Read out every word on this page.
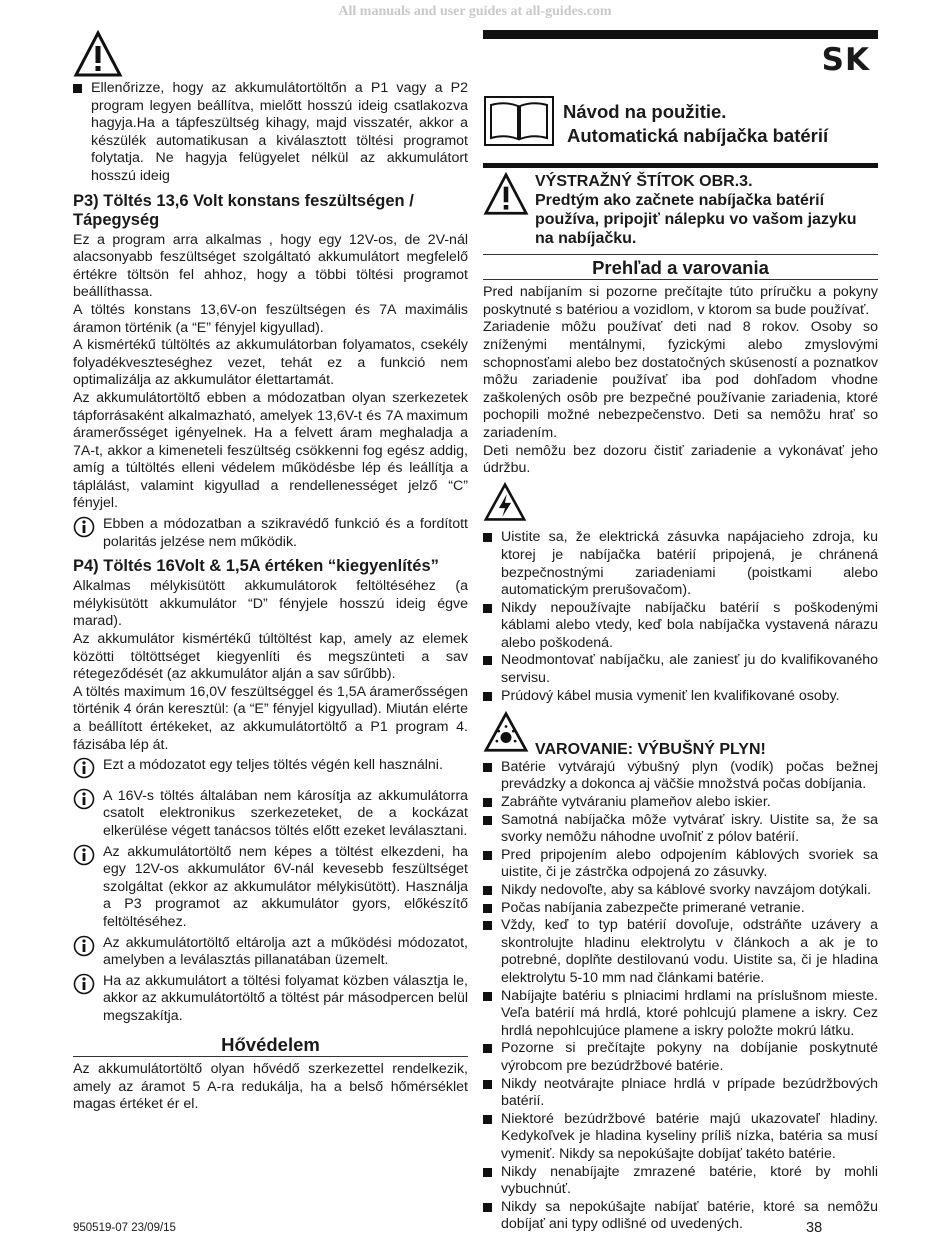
All manuals and user guides at all-guides.com

Ellenőrizze, hogy az akkumulátortöltőn a P1 vagy a P2 program legyen beállítva, mielőtt hosszú ideig csatlakozva hagyja.Ha a tápfeszültség kihagy, majd visszatér, akkor a készülék automatikusan a kiválasztott töltési programot folytatja. Ne hagyja felügyelet nélkül az akkumulátort hosszú ideig

P3) Töltés 13,6 Volt konstans feszültségen / Tápegység

Ez a program arra alkalmas , hogy egy 12V-os, de 2V-nál alacsonyabb feszültséget szolgáltató akkumulátort megfelelő értékre töltsön fel ahhoz, hogy a többi töltési programot beállíthassa.

A töltés konstans 13,6V-on feszültségen és 7A maximális áramon történik (a “E” fényjel kigyullad).

A kismértékű túltöltés az akkumulátorban folyamatos, csekély folyadékveszteséghez vezet, tehát ez a funkció nem optimalizálja az akkumulátor élettartamát.

Az akkumulátortöltő ebben a módozatban olyan szerkezetek tápforrásaként alkalmazható, amelyek 13,6V-t és 7A maximum áramerősséget igényelnek. Ha a felvett áram meghaladja a 7A-t, akkor a kimeneteli feszültség csökkenni fog egész addig, amíg a túltöltés elleni védelem működésbe lép és leállítja a táplálást, valamint kigyullad a rendellenességet jelző “C” fényjel.

Ebben a módozatban a szikravédő funkció és a fordított polaritás jelzése nem működik.

P4) Töltés 16Volt & 1,5A értéken “kiegyenlítés”

Alkalmas mélykisütött akkumulátorok feltöltéséhez (a mélykisütött akkumulátor “D” fényjele hosszú ideig égve marad).

Az akkumulátor kismértékű túltöltést kap, amely az elemek közötti töltöttséget kiegyenlíti és megszünteti a sav rétegeződését (az akkumulátor alján a sav sűrűbb).

A töltés maximum 16,0V feszültséggel és 1,5A áramerősségen történik 4 órán keresztül: (a “E” fényjel kigyullad). Miután elérte a beállított értékeket, az akkumulátortöltő a P1 program 4. fázisába lép át.

Ezt a módozatot egy teljes töltés végén kell használni.

A 16V-s töltés általában nem károsítja az akkumulátorra csatolt elektronikus szerkezeteket, de a kockázat elkerülése végett tanácsos töltés előtt ezeket leválasztani.

Az akkumulátortöltő nem képes a töltést elkezdeni, ha egy 12V-os akkumulátor 6V-nál kevesebb feszültséget szolgáltat (ekkor az akkumulátor mélykisütött). Használja a P3 programot az akkumulátor gyors, előkészítő feltöltéséhez.

Az akkumulátortöltő eltárolja azt a működési módozatot, amelyben a leválasztás pillanatában üzemelt.

Ha az akkumulátort a töltési folyamat közben választja le, akkor az akkumulátortöltő a töltést pár másodpercen belül megszakítja.

Hővédelem

Az akkumulátortöltő olyan hővédő szerkezettel rendelkezik, amely az áramot 5 A-ra redukálja, ha a belső hőmérséklet magas értéket ér el.

SK
Návod na použitie.
Automatická nabíjačka batérií
VÝSTRAŽNÝ ŠTÍTOK OBR.3.
Predtým ako začnete nabíjačka batérií používa, pripojiť nálepku vo vašom jazyku na nabíjačku.
Prehľad a varovania

Pred nabíjaním si pozorne prečítajte túto príručku a pokyny poskytnuté s batériou a vozidlom, v ktorom sa bude používať.

Zariadenie môžu používať deti nad 8 rokov. Osoby so zníženými mentálnymi, fyzickými alebo zmyslovými schopnosťami alebo bez dostatočných skúseností a poznatkov môžu zariadenie používať iba pod dohľadom vhodne zaškolených osôb pre bezpečné používanie zariadenia, ktoré pochopili možné nebezpečenstvo. Deti sa nemôžu hrať so zariadením.

Deti nemôžu bez dozoru čistiť zariadenie a vykonávať jeho údržbu.

Uistite sa, že elektrická zásuvka napájacieho zdroja, ku ktorej je nabíjačka batérií pripojená, je chránená bezpečnostnými zariadeniami (poistkami alebo automatickým prerušovačom).

Nikdy nepoužívajte nabíjačku batérií s poškodenými káblami alebo vtedy, keď bola nabíjačka vystavená nárazu alebo poškodená.

Neodmontovať nabíjačku, ale zaniesť ju do kvalifikovaného servisu.

Prúdový kábel musia vymeniť len kvalifikované osoby.

VAROVANIE: VÝBUŠNÝ PLYN!

Batérie vytvárajú výbušný plyn (vodík) počas bežnej prevádzky a dokonca aj väčšie množstvá počas dobíjania.

Zabráňte vytváraniu plameňov alebo iskier.

Samotná nabíjačka môže vytvárať iskry. Uistite sa, že sa svorky nemôžu náhodne uvoľniť z pólov batérií.

Pred pripojením alebo odpojením káblových svoriek sa uistite, či je zástrčka odpojená zo zásuvky.

Nikdy nedovoľte, aby sa káblové svorky navzájom dotýkali.

Počas nabíjania zabezpečte primerané vetranie.

Vždy, keď to typ batérií dovoľuje, odstráňte uzávery a skontrolujte hladinu elektrolytu v článkoch a ak je to potrebné, doplňte destilovanú vodu. Uistite sa, či je hladina elektrolytu 5-10 mm nad článkami batérie.

Nabíjajte batériu s plniacimi hrdlami na príslušnom mieste. Veľa batérií má hrdlá, ktoré pohlcujú plamene a iskry. Cez hrdlá nepohlcujúce plamene a iskry položte mokrú látku.

Pozorne si prečítajte pokyny na dobíjanie poskytnuté výrobcom pre bezúdržbové batérie.

Nikdy neotvárajte plniace hrdlá v prípade bezúdržbových batérií.

Niektoré bezúdržbové batérie majú ukazovateľ hladiny. Kedykoľvek je hladina kyseliny príliš nízka, batéria sa musí vymeniť. Nikdy sa nepokúšajte dobíjať takéto batérie.

Nikdy nenabíjajte zmrazené batérie, ktoré by mohli vybuchnúť.

Nikdy sa nepokúšajte nabíjať batérie, ktoré sa nemôžu dobíjať ani typy odlišné od uvedených.

950519-07 23/09/15	38
